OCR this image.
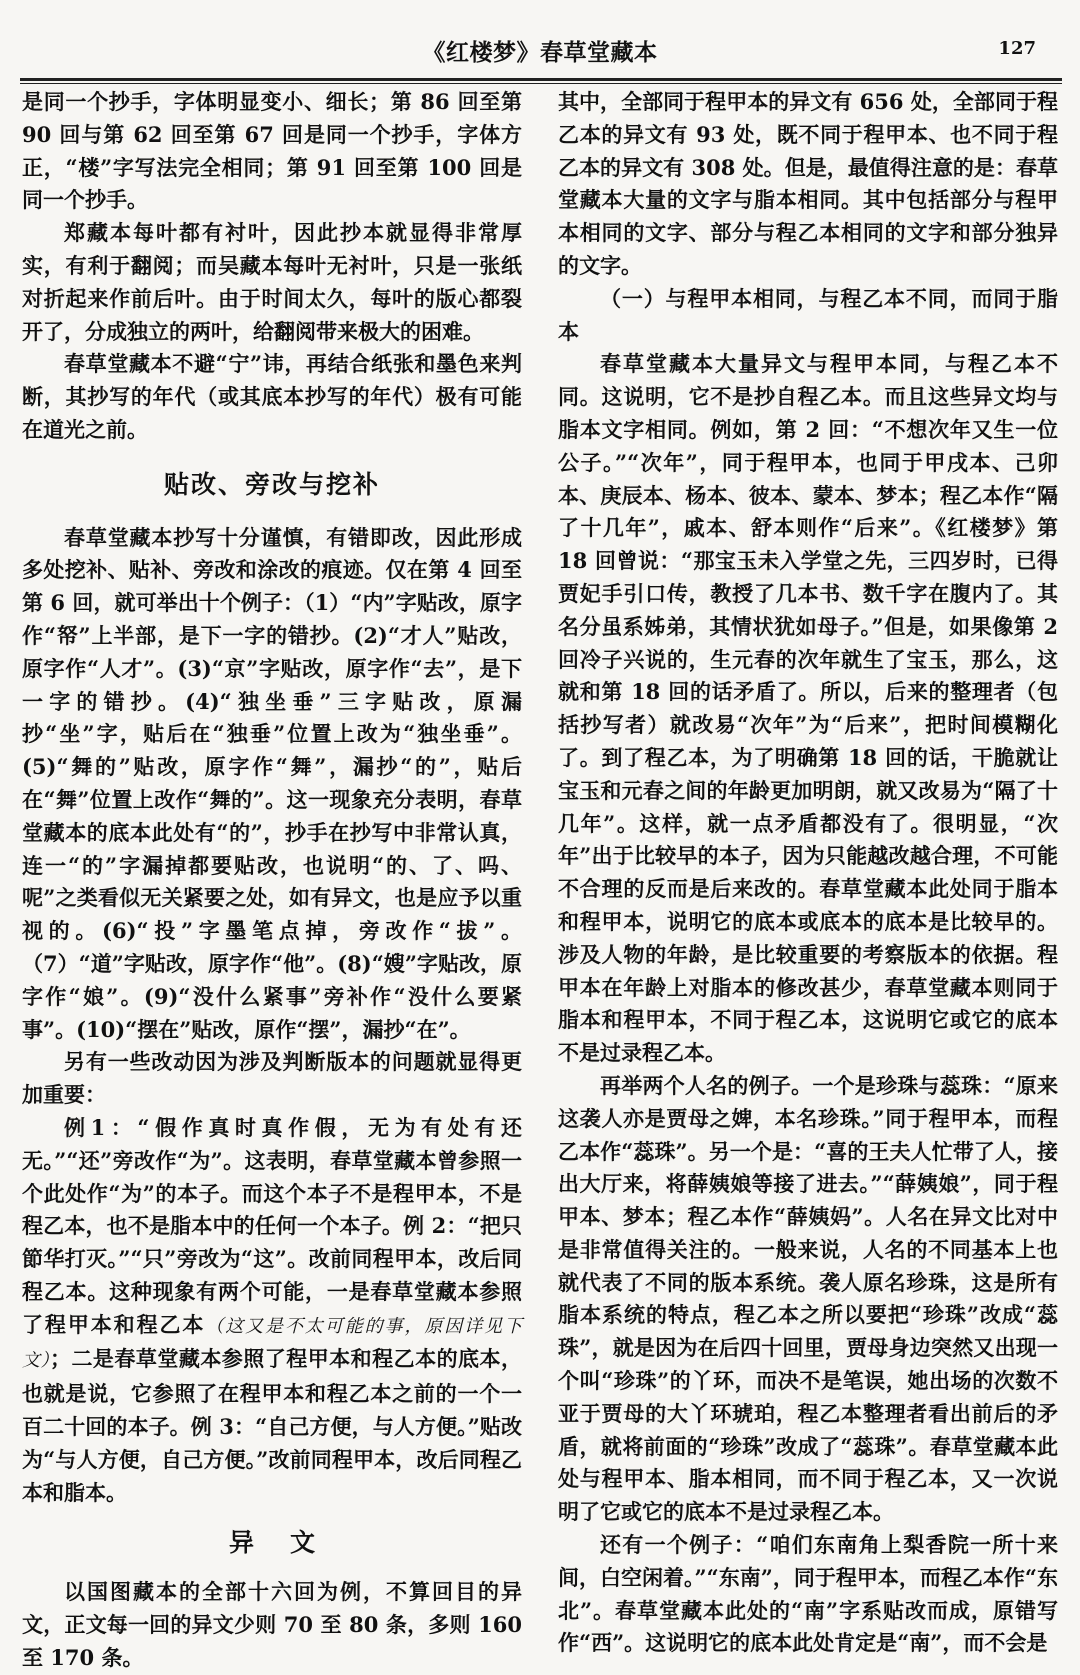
《红楼梦》春草堂藏本	127

是同一个抄手，字体明显变小、细长；第 86 回至第 90 回与第 62 回至第 67 回是同一个抄手，字体方正，“楼”字写法完全相同；第 91 回至第 100 回是同一个抄手。

郑藏本每叶都有衬叶，因此抄本就显得非常厚实，有利于翻阅；而吴藏本每叶无衬叶，只是一张纸对折起来作前后叶。由于时间太久，每叶的版心都裂开了，分成独立的两叶，给翻阅带来极大的困难。

春草堂藏本不避“宁”讳，再结合纸张和墨色来判断，其抄写的年代（或其底本抄写的年代）极有可能在道光之前。

贴改、旁改与挖补

春草堂藏本抄写十分谨慎，有错即改，因此形成多处挖补、贴补、旁改和涂改的痕迹。仅在第 4 回至第 6 回，就可举出十个例子：（1）“内”字贴改，原字作“帑”上半部，是下一字的错抄。(2)“才人”贴改，原字作“人才”。(3)“京”字贴改，原字作“去”，是下一字的错抄。(4)“独坐垂”三字贴改，原漏抄“坐”字，贴后在“独垂”位置上改为“独坐垂”。(5)“舞的”贴改，原字作“舞”，漏抄“的”，贴后在“舞”位置上改作“舞的”。这一现象充分表明，春草堂藏本的底本此处有“的”，抄手在抄写中非常认真，连一“的”字漏掉都要贴改，也说明“的、了、吗、呢”之类看似无关紧要之处，如有异文，也是应予以重视的。(6)“投”字墨笔点掉，旁改作“拔”。（7）“道”字贴改，原字作“他”。(8)“嫂”字贴改，原字作“娘”。(9)“没什么紧事”旁补作“没什么要紧事”。(10)“摆在”贴改，原作“摆”，漏抄“在”。

另有一些改动因为涉及判断版本的问题就显得更加重要：

例1：“假作真时真作假，无为有处有还无。”“还”旁改作“为”。这表明，春草堂藏本曾参照一个此处作“为”的本子。而这个本子不是程甲本，不是程乙本，也不是脂本中的任何一个本子。例 2：“把只節华打灭。”“只”旁改为“这”。改前同程甲本，改后同程乙本。这种现象有两个可能，一是春草堂藏本参照了程甲本和程乙本（这又是不太可能的事，原因详见下文）；二是春草堂藏本参照了程甲本和程乙本的底本，也就是说，它参照了在程甲本和程乙本之前的一个一百二十回的本子。例 3：“自己方便，与人方便。”贴改为“与人方便，自己方便。”改前同程甲本，改后同程乙本和脂本。

异文

以国图藏本的全部十六回为例，不算回目的异文，正文每一回的异文少则 70 至 80 条，多则 160 至 170 条。

其中，全部同于程甲本的异文有 656 处，全部同于程乙本的异文有 93 处，既不同于程甲本、也不同于程乙本的异文有 308 处。但是，最值得注意的是：春草堂藏本大量的文字与脂本相同。其中包括部分与程甲本相同的文字、部分与程乙本相同的文字和部分独异的文字。

（一）与程甲本相同，与程乙本不同，而同于脂本

春草堂藏本大量异文与程甲本同，与程乙本不同。这说明，它不是抄自程乙本。而且这些异文均与脂本文字相同。例如，第 2 回：“不想次年又生一位公子。”“次年”，同于程甲本，也同于甲戌本、己卯本、庚辰本、杨本、彼本、蒙本、梦本；程乙本作“隔了十几年”，戚本、舒本则作“后来”。《红楼梦》第 18 回曾说：“那宝玉未入学堂之先，三四岁时，已得贾妃手引口传，教授了几本书、数千字在腹内了。其名分虽系姊弟，其情状犹如母子。”但是，如果像第 2 回冷子兴说的，生元春的次年就生了宝玉，那么，这就和第 18 回的话矛盾了。所以，后来的整理者（包括抄写者）就改易“次年”为“后来”，把时间模糊化了。到了程乙本，为了明确第 18 回的话，干脆就让宝玉和元春之间的年龄更加明朗，就又改易为“隔了十几年”。这样，就一点矛盾都没有了。很明显，“次年”出于比较早的本子，因为只能越改越合理，不可能不合理的反而是后来改的。春草堂藏本此处同于脂本和程甲本，说明它的底本或底本的底本是比较早的。涉及人物的年龄，是比较重要的考察版本的依据。程甲本在年龄上对脂本的修改甚少，春草堂藏本则同于脂本和程甲本，不同于程乙本，这说明它或它的底本不是过录程乙本。

再举两个人名的例子。一个是珍珠与蕊珠：“原来这袭人亦是贾母之婢，本名珍珠。”同于程甲本，而程乙本作“蕊珠”。另一个是：“喜的王夫人忙带了人，接出大厅来，将薛姨娘等接了进去。”“薛姨娘”，同于程甲本、梦本；程乙本作“薛姨妈”。人名在异文比对中是非常值得关注的。一般来说，人名的不同基本上也就代表了不同的版本系统。袭人原名珍珠，这是所有脂本系统的特点，程乙本之所以要把“珍珠”改成“蕊珠”，就是因为在后四十回里，贾母身边突然又出现一个叫“珍珠”的丫环，而决不是笔误，她出场的次数不亚于贾母的大丫环琥珀，程乙本整理者看出前后的矛盾，就将前面的“珍珠”改成了“蕊珠”。春草堂藏本此处与程甲本、脂本相同，而不同于程乙本，又一次说明了它或它的底本不是过录程乙本。

还有一个例子：“咱们东南角上梨香院一所十来间，白空闲着。”“东南”，同于程甲本，而程乙本作“东北”。春草堂藏本此处的“南”字系贴改而成，原错写作“西”。这说明它的底本此处肯定是“南”，而不会是
